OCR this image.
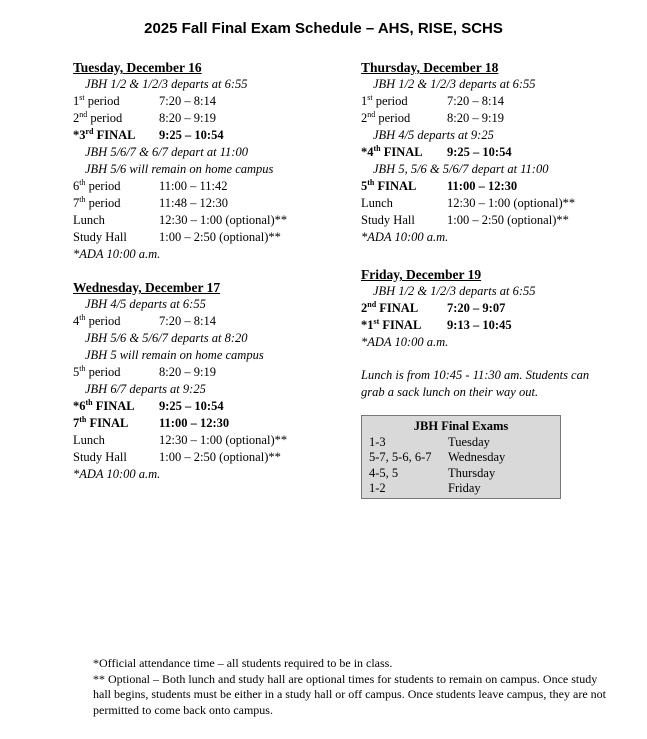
2025 Fall Final Exam Schedule – AHS, RISE, SCHS
Tuesday, December 16
JBH 1/2 & 1/2/3 departs at 6:55
1st period	7:20 – 8:14
2nd period	8:20 – 9:19
*3rd FINAL	9:25 – 10:54
JBH 5/6/7 & 6/7 depart at 11:00
JBH 5/6 will remain on home campus
6th period	11:00 – 11:42
7th period	11:48 – 12:30
Lunch	12:30 – 1:00 (optional)**
Study Hall	1:00 – 2:50 (optional)**
*ADA 10:00 a.m.
Wednesday, December 17
JBH 4/5 departs at 6:55
4th period	7:20 – 8:14
JBH 5/6 & 5/6/7 departs at 8:20
JBH 5 will remain on home campus
5th period	8:20 – 9:19
JBH 6/7 departs at 9:25
*6th FINAL	9:25 – 10:54
7th FINAL	11:00 – 12:30
Lunch	12:30 – 1:00 (optional)**
Study Hall	1:00 – 2:50 (optional)**
*ADA 10:00 a.m.
Thursday, December 18
JBH 1/2 & 1/2/3 departs at 6:55
1st period	7:20 – 8:14
2nd period	8:20 – 9:19
JBH 4/5 departs at 9:25
*4th FINAL	9:25 – 10:54
JBH 5, 5/6 & 5/6/7 depart at 11:00
5th FINAL	11:00 – 12:30
Lunch	12:30 – 1:00 (optional)**
Study Hall	1:00 – 2:50 (optional)**
*ADA 10:00 a.m.
Friday, December 19
JBH 1/2 & 1/2/3 departs at 6:55
2nd FINAL	7:20 – 9:07
*1st FINAL	9:13 – 10:45
*ADA 10:00 a.m.
Lunch is from 10:45 - 11:30 am. Students can grab a sack lunch on their way out.
JBH Final Exams
1-3	Tuesday
5-7, 5-6, 6-7	Wednesday
4-5, 5	Thursday
1-2	Friday
*Official attendance time – all students required to be in class.
** Optional – Both lunch and study hall are optional times for students to remain on campus. Once study hall begins, students must be either in a study hall or off campus. Once students leave campus, they are not permitted to come back onto campus.
